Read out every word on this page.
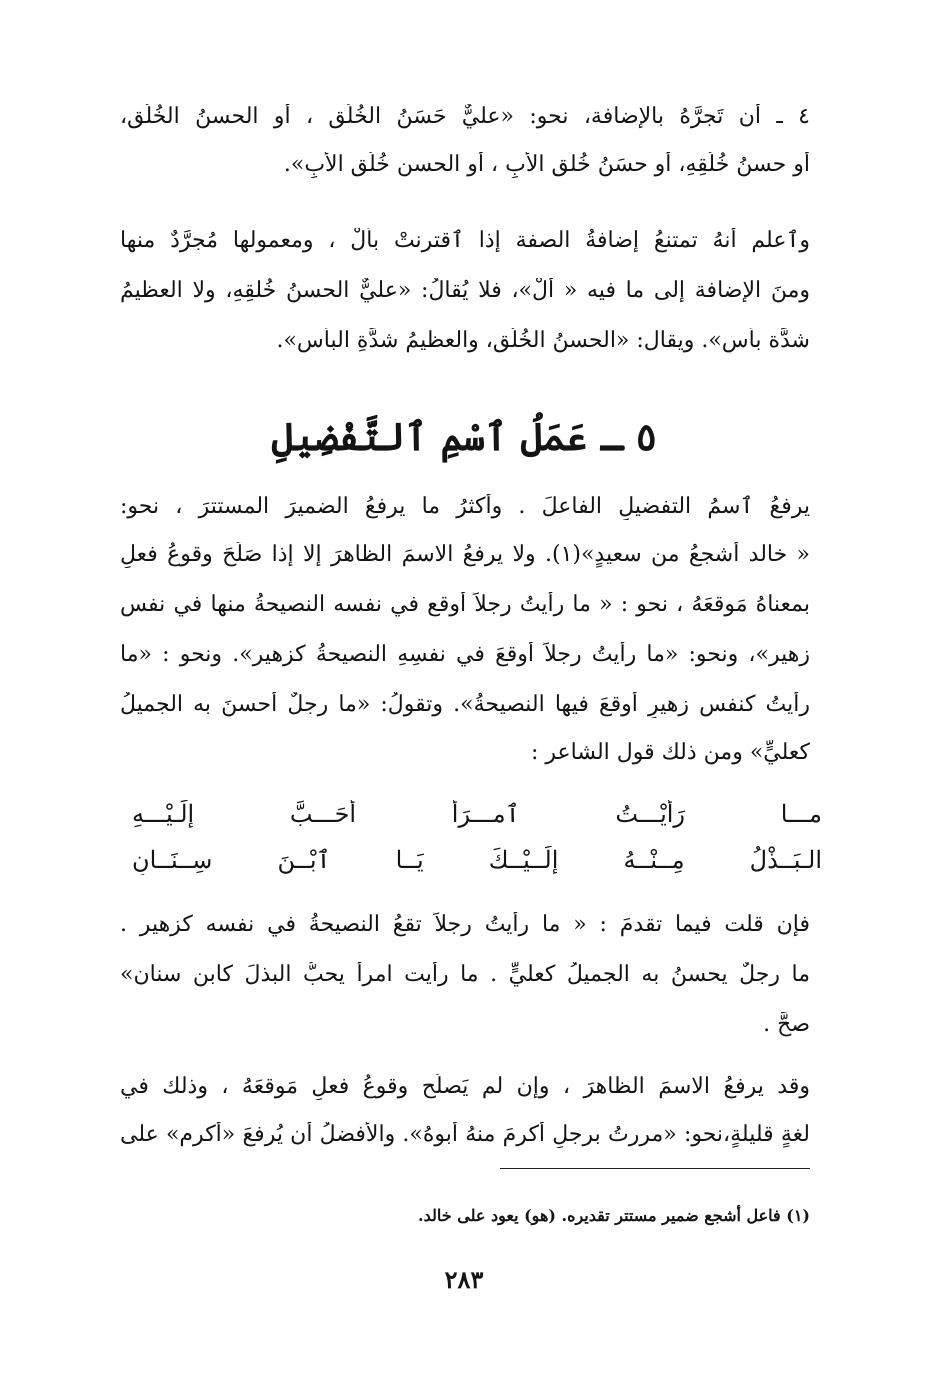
٤ ـ أن تَجرَّهُ بالإضافة، نحو: «عليٌّ حَسَنُ الخُلُقِ ، أو الحسنُ الخُلُقِ،
أو حسنُ خُلُقِهِ، أو حسَنُ خُلقِ الأبِ ، أو الحسن خُلُقِ الأبِ».
وٱعلم أنهُ تمتنعُ إضافةُ الصفة إذا ٱقترنتْ بأَلْ ، ومعمولها مُجرَّدٌ منها
ومنَ الإضافة إلى ما فيه « أَلْ»، فلا يُقالُ: «عليٌّ الحسنُ خُلقِهِ، ولا العظيمُ
شدَّة بأسٍ». ويقال: «الحسنُ الخُلُقِ، والعظيمُ شدَّةِ البأسِ».
٥ ـ عَمَلُ ٱسْمِ ٱلتَّفْضِيلِ
يرفعُ ٱسمُ التفضيلِ الفاعلَ . وأكثرُ ما يرفعُ الضميرَ المستترَ ، نحو:
« خالد أشجعُ من سعيدٍ»(١). ولا يرفعُ الاسمَ الظاهرَ إلا إذا صَلَحَ وقوعُ فعلٍ
بمعناهُ مَوقعَهُ ، نحو : « ما رأيتُ رجلاً أوقع في نفسه النصيحةُ منها في نفس
زهير»، ونحو: «ما رأيتُ رجلاً أوقعَ في نفسِهِ النصيحةُ كزهير». ونحو : «ما
رأيتُ كنفس زهيرٍ أوقعَ فيها النصيحةُ». وتقولُ: «ما رجلٌ أحسنَ به الجميلُ
كعليٍّ» ومن ذلك قول الشاعر :
مـــا رَأَيْـــتُ ٱمـــرَأً أَحَـــبَّ إِلَـيْـــهِ
الـبَــذْلُ مِــنْــهُ إِلَــيْــكَ يَــا ٱبْــنَ سِــنَــانِ
فإن قلت فيما تقدمَ : « ما رأيتُ رجلاً تقعُ النصيحةُ في نفسه كزهير .
ما رجلٌ يحسنُ به الجميلُ كعليٍّ . ما رأيت امرأً يحبُّ البذلَ كابنِ سنان»
صحَّ .
وقد يرفعُ الاسمَ الظاهرَ ، وإن لم يَصلُح وقوعُ فعلٍ مَوقعَهُ ، وذلك في
لغةٍ قليلةٍ،نحو: «مررتُ برجلٍ أكرمَ منهُ أبوهُ». والأفضلُ أن يُرفعَ «أكرم» على
(١) فاعل أشجع ضمير مستتر تقديره. (هو) يعود على خالد.
٢٨٣
